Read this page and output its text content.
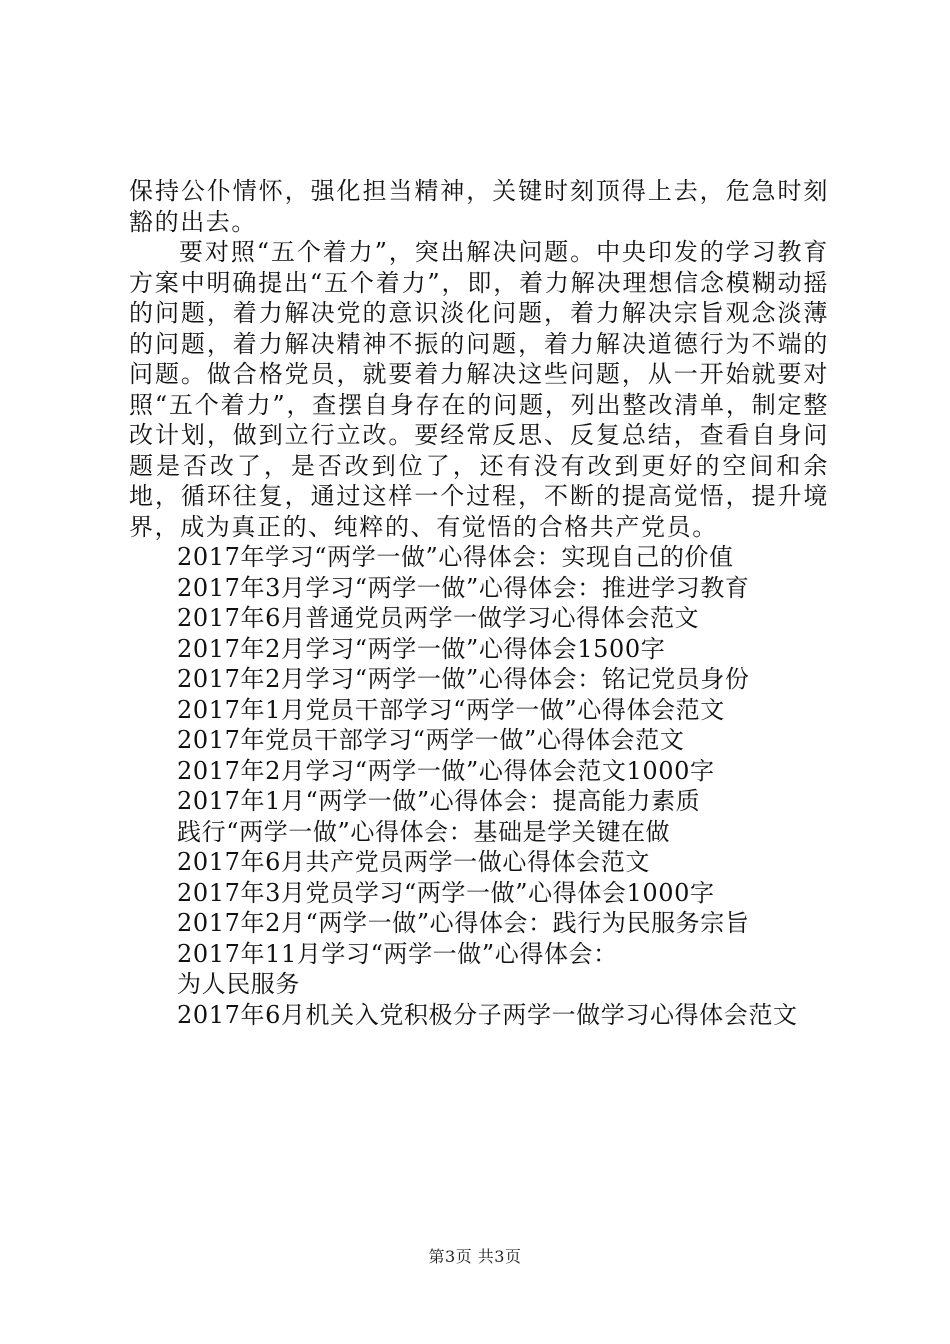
保持公仆情怀，强化担当精神，关键时刻顶得上去，危急时刻豁的出去。

要对照“五个着力”，突出解决问题。中央印发的学习教育方案中明确提出“五个着力”，即，着力解决理想信念模糊动摇的问题，着力解决党的意识淡化问题，着力解决宗旨观念淡薄的问题，着力解决精神不振的问题，着力解决道德行为不端的问题。做合格党员，就要着力解决这些问题，从一开始就要对照“五个着力”，查摆自身存在的问题，列出整改清单，制定整改计划，做到立行立改。要经常反思、反复总结，查看自身问题是否改了，是否改到位了，还有没有改到更好的空间和余地，循环往复，通过这样一个过程，不断的提高觉悟，提升境界，成为真正的、纯粹的、有觉悟的合格共产党员。

2017年学习“两学一做”心得体会：实现自己的价值
2017年3月学习“两学一做”心得体会：推进学习教育
2017年6月普通党员两学一做学习心得体会范文
2017年2月学习“两学一做”心得体会1500字
2017年2月学习“两学一做”心得体会：铭记党员身份
2017年1月党员干部学习“两学一做”心得体会范文
2017年党员干部学习“两学一做”心得体会范文
2017年2月学习“两学一做”心得体会范文1000字
2017年1月“两学一做”心得体会：提高能力素质
践行“两学一做”心得体会：基础是学关键在做
2017年6月共产党员两学一做心得体会范文
2017年3月党员学习“两学一做”心得体会1000字
2017年2月“两学一做”心得体会：践行为民服务宗旨
2017年11月学习“两学一做”心得体会：
为人民服务
2017年6月机关入党积极分子两学一做学习心得体会范文
第3页 共3页
